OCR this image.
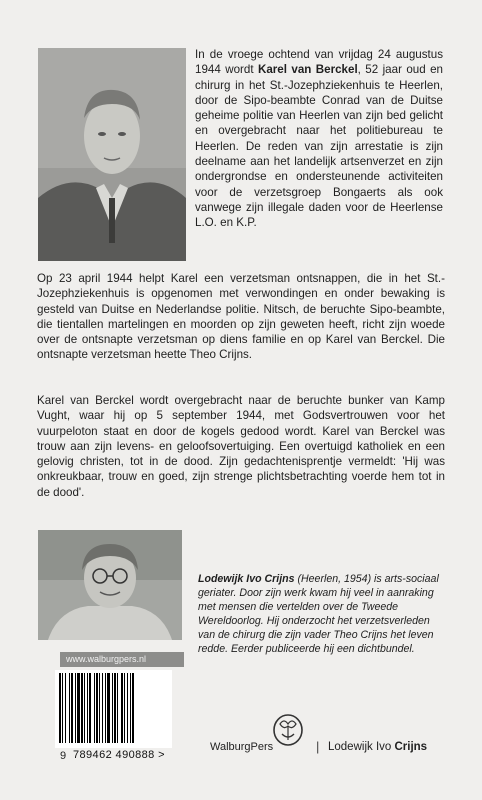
In de vroege ochtend van vrijdag 24 augustus 1944 wordt Karel van Berckel, 52 jaar oud en chirurg in het St.-Jozephziekenhuis te Heerlen, door de Sipo-beambte Conrad van de Duitse geheime politie van Heerlen van zijn bed gelicht en overgebracht naar het politiebureau te Heerlen. De reden van zijn arrestatie is zijn deelname aan het landelijk artsenverzet en zijn ondergrondse en ondersteunende activiteiten voor de verzetsgroep Bongaerts als ook vanwege zijn illegale daden voor de Heerlense L.O. en K.P.

Op 23 april 1944 helpt Karel een verzetsman ontsnappen, die in het St.-Jozephziekenhuis is opgenomen met verwondingen en onder bewaking is gesteld van Duitse en Nederlandse politie. Nitsch, de beruchte Sipo-beambte, die tientallen martelingen en moorden op zijn geweten heeft, richt zijn woede over de ontsnapte verzetsman op diens familie en op Karel van Berckel. Die ontsnapte verzetsman heette Theo Crijns.

Karel van Berckel wordt overgebracht naar de beruchte bunker van Kamp Vught, waar hij op 5 september 1944, met Godsvertrouwen voor het vuurpeloton staat en door de kogels gedood wordt. Karel van Berckel was trouw aan zijn levens- en geloofsovertuiging. Een overtuigd katholiek en een gelovig christen, tot in de dood. Zijn gedachtenisprentje vermeldt: 'Hij was onkreukbaar, trouw en goed, zijn strenge plichtsbetrachting voerde hem tot in de dood'.

Lodewijk Ivo Crijns (Heerlen, 1954) is arts-sociaal geriater. Door zijn werk kwam hij veel in aanraking met mensen die vertelden over de Tweede Wereldoorlog. Hij onderzocht het verzetsverleden van de chirurg die zijn vader Theo Crijns het leven redde. Eerder publiceerde hij een dichtbundel.

www.walburgpers.nl
9 789462 490888 >
WalburgPers	| Lodewijk Ivo Crijns
